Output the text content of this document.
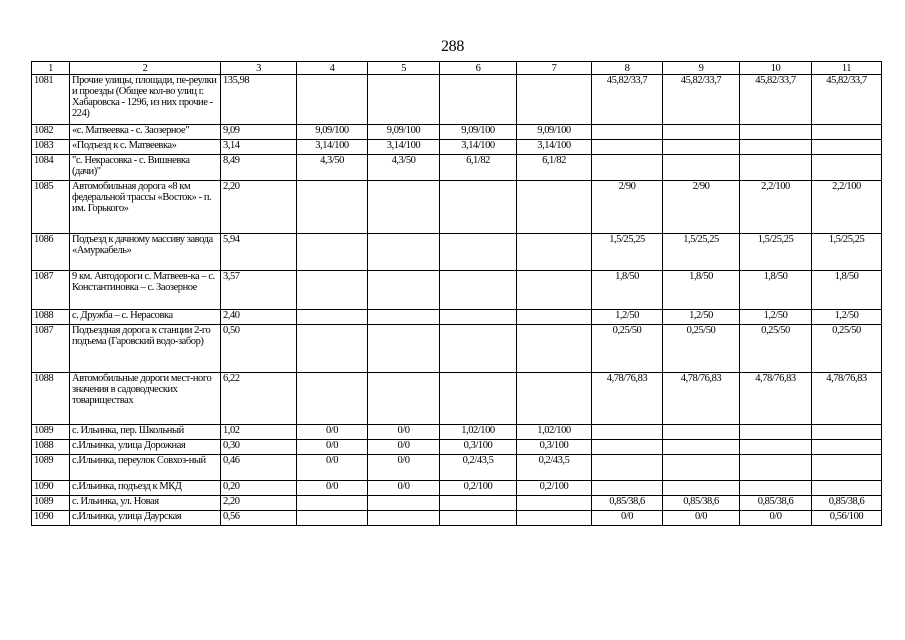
288
1	2	3	4	5	6	7	8	9	10	11
1081	Прочие улицы, площади, пе-реулки и проезды (Общее кол-во улиц г. Хабаровска - 1296, из них прочие - 224)	135,98					45,82/33,7	45,82/33,7	45,82/33,7	45,82/33,7
1082	«с. Матвеевка - с. Заозерное"	9,09	9,09/100	9,09/100	9,09/100	9,09/100				
1083	«Подъезд к с. Матвеевка»	3,14	3,14/100	3,14/100	3,14/100	3,14/100				
1084	"с. Некрасовка - с. Вишневка (дачи)"	8,49	4,3/50	4,3/50	6,1/82	6,1/82				
1085	Автомобильная дорога «8 км федеральной трассы «Восток» - п. им. Горького»	2,20					2/90	2/90	2,2/100	2,2/100
1086	Подъезд к дачному массиву завода «Амуркабель»	5,94					1,5/25,25	1,5/25,25	1,5/25,25	1,5/25,25
1087	9 км. Автодороги с. Матвеев-ка – с. Константиновка – с. Заозерное	3,57					1,8/50	1,8/50	1,8/50	1,8/50
1088	с. Дружба – с. Нерасовка	2,40					1,2/50	1,2/50	1,2/50	1,2/50
1087	Подъездная дорога к станции 2-го подъема (Гаровский водо-забор)	0,50					0,25/50	0,25/50	0,25/50	0,25/50
1088	Автомобильные дороги мест-ного значения в садоводческих товариществах	6,22					4,78/76,83	4,78/76,83	4,78/76,83	4,78/76,83
1089	с. Ильинка, пер. Школьный	1,02	0/0	0/0	1,02/100	1,02/100				
1088	с.Ильинка, улица Дорожная	0,30	0/0	0/0	0,3/100	0,3/100				
1089	с.Ильинка, переулок Совхоз-ный	0,46	0/0	0/0	0,2/43,5	0,2/43,5				
1090	с.Ильинка, подъезд к МКД	0,20	0/0	0/0	0,2/100	0,2/100				
1089	с. Ильинка, ул. Новая	2,20					0,85/38,6	0,85/38,6	0,85/38,6	0,85/38,6
1090	с.Ильинка, улица Даурская	0,56					0/0	0/0	0/0	0,56/100
